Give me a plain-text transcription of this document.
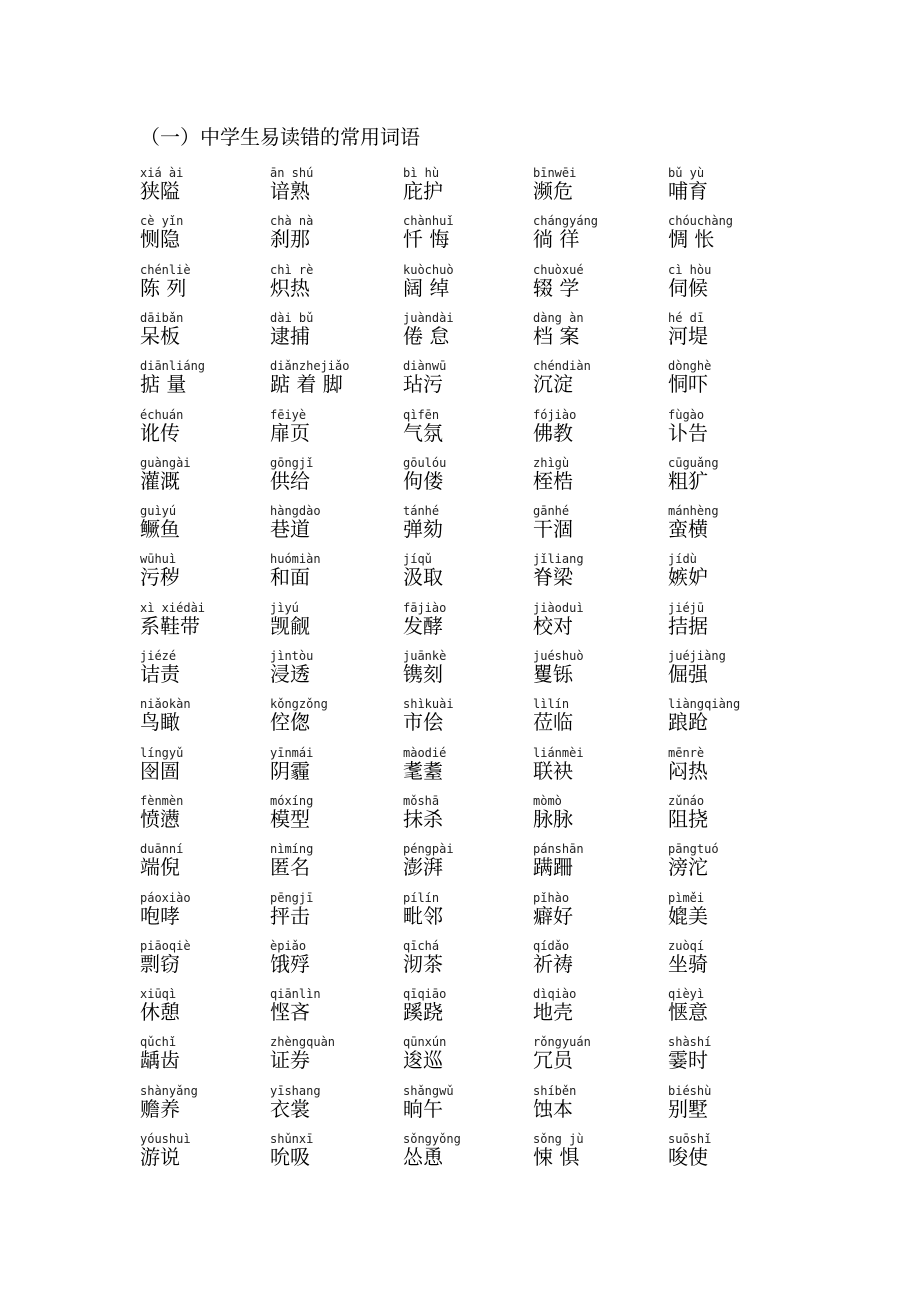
（一）中学生易读错的常用词语
xiá ài
狭隘
ān shú
谙熟
bì hù
庇护
bīnwēi
濒危
bǔ yù
哺育
cè yǐn
恻隐
chà nà
刹那
chànhuǐ
忏 悔
chángyáng
徜 徉
chóuchàng
惆 怅
chénliè
陈 列
chì rè
炽热
kuòchuò
阔 绰
chuòxué
辍 学
cì hòu
伺候
dāibǎn
呆板
dài bǔ
逮捕
juàndài
倦 怠
dàng àn
档 案
hé dī
河堤
diānliáng
掂 量
diǎnzhejiǎo
踮 着 脚
diànwū
玷污
chéndiàn
沉淀
dònghè
恫吓
échuán
讹传
fēiyè
扉页
qìfēn
气氛
fójiào
佛教
fùgào
讣告
guàngài
灌溉
gōngjǐ
供给
gōulóu
佝偻
zhìgù
桎梏
cūguǎng
粗犷
guìyú
鳜鱼
hàngdào
巷道
tánhé
弹劾
gānhé
干涸
mánhèng
蛮横
wūhuì
污秽
huómiàn
和面
jíqǔ
汲取
jǐliang
脊梁
jídù
嫉妒
xì xiédài
系鞋带
jìyú
觊觎
fājiào
发酵
jiàoduì
校对
jiéjū
拮据
jiézé
诘责
jìntòu
浸透
juānkè
镌刻
juéshuò
矍铄
juéjiàng
倔强
niǎokàn
鸟瞰
kǒngzǒng
倥偬
shìkuài
市侩
lìlín
莅临
liàngqiàng
踉跄
língyǔ
囹圄
yīnmái
阴霾
màodié
耄耋
liánmèi
联袂
mēnrè
闷热
fènmèn
愤懑
móxíng
模型
mǒshā
抹杀
mòmò
脉脉
zǔnáo
阻挠
duānní
端倪
nìmíng
匿名
péngpài
澎湃
pánshān
蹒跚
pāngtuó
滂沱
páoxiào
咆哮
pēngjī
抨击
pílín
毗邻
pǐhào
癖好
pìměi
媲美
piāoqiè
剽窃
èpiǎo
饿殍
qīchá
沏茶
qídǎo
祈祷
zuòqí
坐骑
xiūqì
休憩
qiānlìn
悭吝
qīqiāo
蹊跷
dìqiào
地壳
qièyì
惬意
qǔchǐ
龋齿
zhèngquàn
证券
qūnxún
逡巡
rǒngyuán
冗员
shàshí
霎时
shànyǎng
赡养
yīshang
衣裳
shǎngwǔ
晌午
shíběn
蚀本
biéshù
别墅
yóushuì
游说
shǔnxī
吮吸
sǒngyǒng
怂恿
sǒng jù
悚 惧
suōshǐ
唆使
